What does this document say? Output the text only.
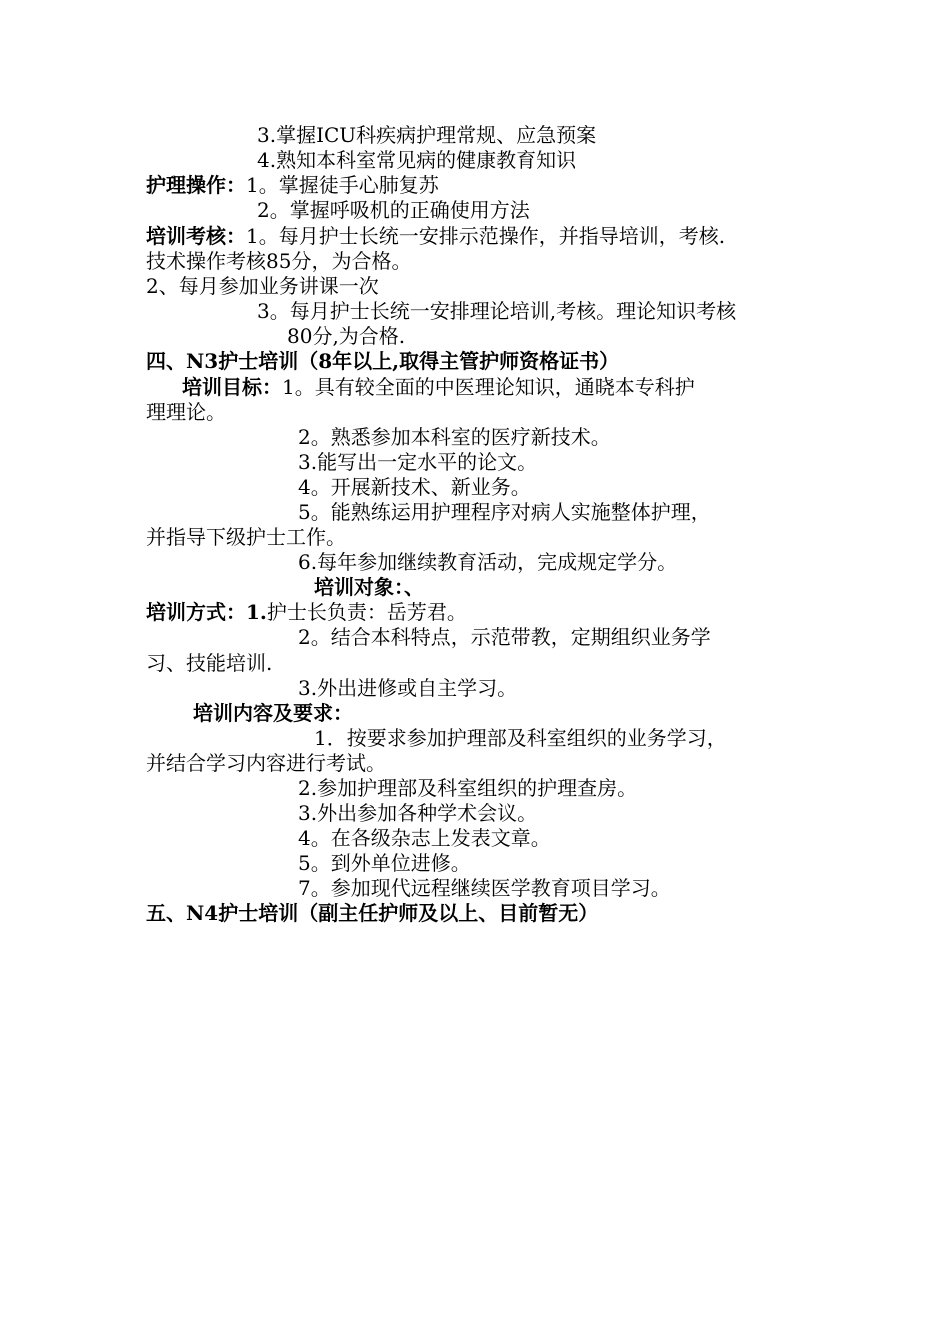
3.掌握ICU科疾病护理常规、应急预案
4.熟知本科室常见病的健康教育知识
护理操作：1。掌握徒手心肺复苏
2。掌握呼吸机的正确使用方法
培训考核：1。每月护士长统一安排示范操作，并指导培训，考核.
技术操作考核85分，为合格。
2、每月参加业务讲课一次
3。每月护士长统一安排理论培训,考核。理论知识考核
80分,为合格.
四、N3护士培训（8年以上,取得主管护师资格证书）
培训目标：1。具有较全面的中医理论知识，通晓本专科护
理理论。
2。熟悉参加本科室的医疗新技术。
3.能写出一定水平的论文。
4。开展新技术、新业务。
5。能熟练运用护理程序对病人实施整体护理，
并指导下级护士工作。
6.每年参加继续教育活动，完成规定学分。
培训对象：、
培训方式：1.护士长负责：岳芳君。
2。结合本科特点，示范带教，定期组织业务学
习、技能培训.
3.外出进修或自主学习。
培训内容及要求：
1．按要求参加护理部及科室组织的业务学习，
并结合学习内容进行考试。
2.参加护理部及科室组织的护理查房。
3.外出参加各种学术会议。
4。在各级杂志上发表文章。
5。到外单位进修。
7。参加现代远程继续医学教育项目学习。
五、N4护士培训（副主任护师及以上、目前暂无）
